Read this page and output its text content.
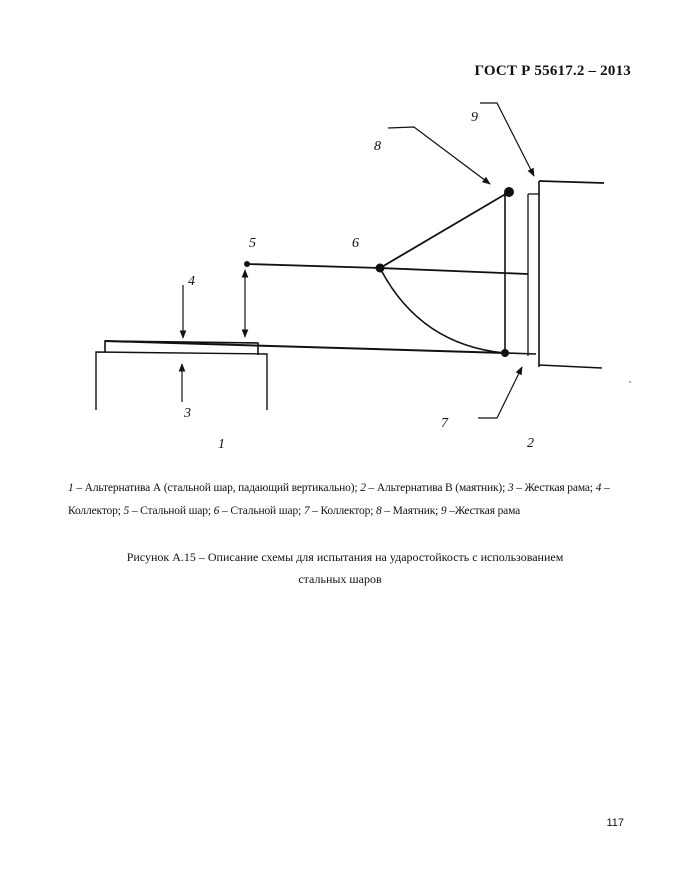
ГОСТ Р 55617.2 – 2013
1	2
3
4
5	6
7
8
9
1 – Альтернатива А (стальной шар, падающий вертикально); 2 – Альтернатива В (маятник); 3 – Жесткая рама; 4 – Коллектор; 5 – Стальной шар; 6 – Стальной шар; 7 – Коллектор; 8 – Маятник; 9 –Жесткая рама
Рисунок А.15 – Описание схемы для испытания на ударостойкость с использованием
стальных шаров
117
